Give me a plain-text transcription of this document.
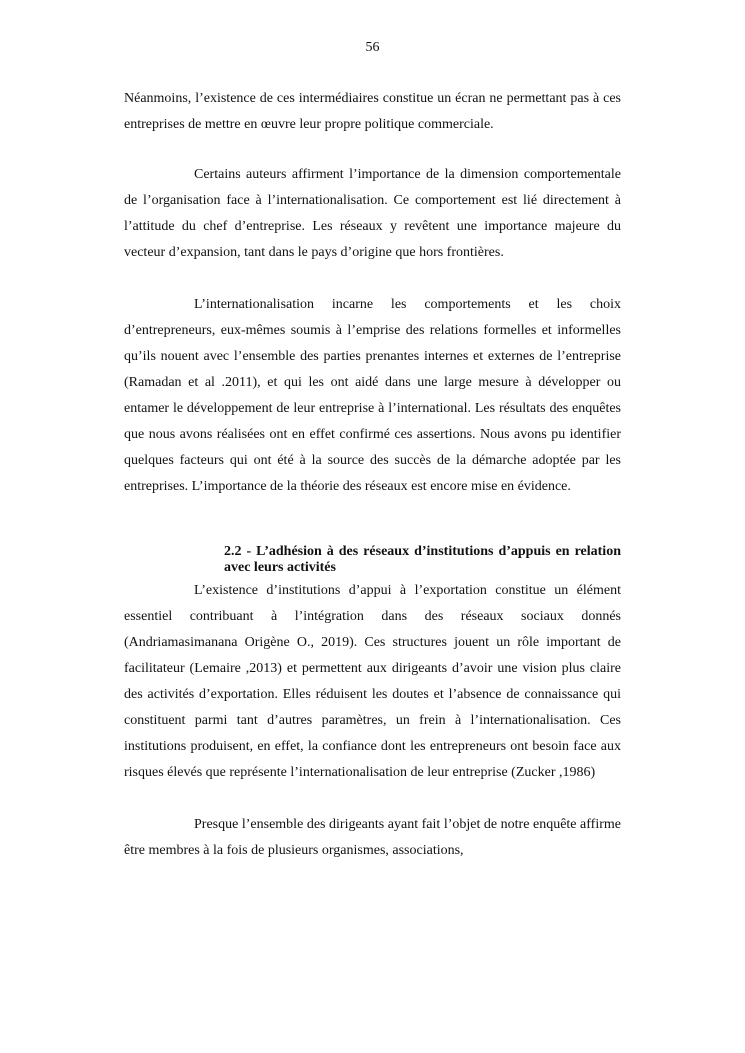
56

Néanmoins, l’existence de ces intermédiaires constitue un écran ne permettant pas à ces entreprises de mettre en œuvre leur propre politique commerciale.

Certains auteurs affirment l’importance de la dimension comportementale de l’organisation face à l’internationalisation. Ce comportement est lié directement à l’attitude du chef d’entreprise. Les réseaux y revêtent une importance majeure du vecteur d’expansion, tant dans le pays d’origine que hors frontières.

L’internationalisation incarne les comportements et les choix d’entrepreneurs, eux-mêmes soumis à l’emprise des relations formelles et informelles qu’ils nouent avec l’ensemble des parties prenantes internes et externes de l’entreprise (Ramadan et al .2011), et qui les ont aidé dans une large mesure à développer ou entamer le développement de leur entreprise à l’international. Les résultats des enquêtes que nous avons réalisées ont en effet confirmé ces assertions. Nous avons pu identifier quelques facteurs qui ont été à la source des succès de la démarche adoptée par les entreprises. L’importance de la théorie des réseaux est encore mise en évidence.

2.2 - L’adhésion à des réseaux d’institutions d’appuis en relation avec leurs activités

L’existence d’institutions d’appui à l’exportation constitue un élément essentiel contribuant à l’intégration dans des réseaux sociaux donnés (Andriamasimanana Origène O., 2019). Ces structures jouent un rôle important de facilitateur (Lemaire ,2013) et permettent aux dirigeants d’avoir une vision plus claire des activités d’exportation. Elles réduisent les doutes et l’absence de connaissance qui constituent parmi tant d’autres paramètres, un frein à l’internationalisation. Ces institutions produisent, en effet, la confiance dont les entrepreneurs ont besoin face aux risques élevés que représente l’internationalisation de leur entreprise (Zucker ,1986)

Presque l’ensemble des dirigeants ayant fait l’objet de notre enquête affirme être membres à la fois de plusieurs organismes, associations,
